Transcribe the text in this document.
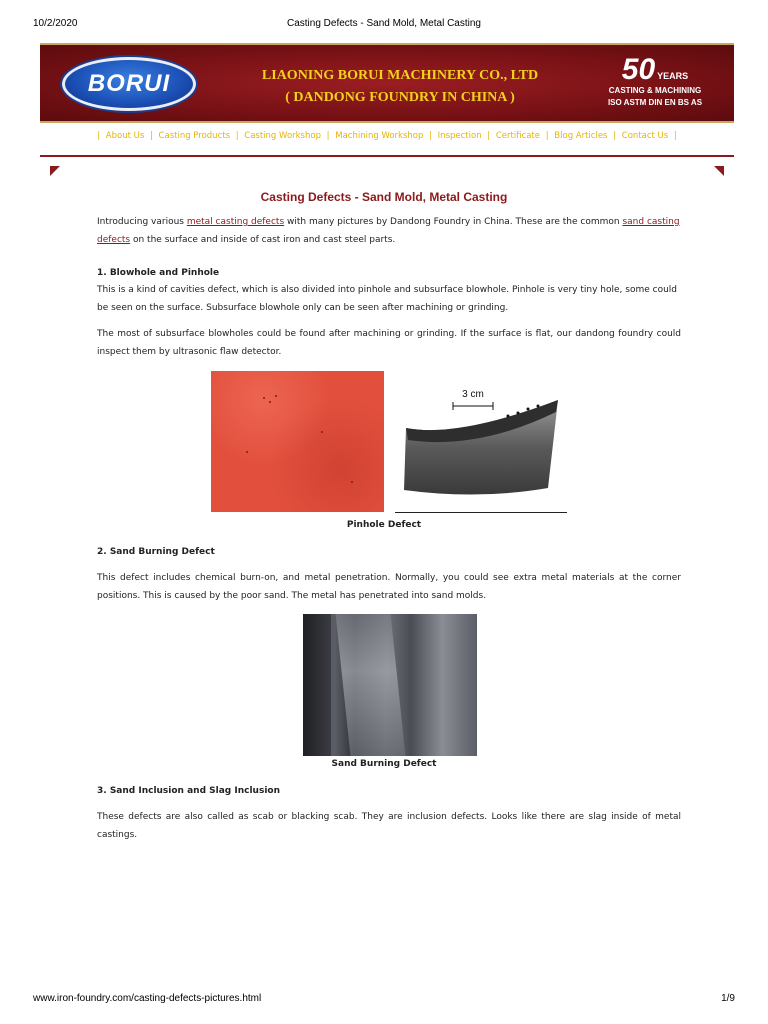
10/2/2020	Casting Defects - Sand Mold, Metal Casting
BORUI	LIAONING BORUI MACHINERY CO., LTD
( DANDONG FOUNDRY IN CHINA )
50 YEARS
CASTING & MACHINING
ISO ASTM DIN EN BS AS
| About Us | Casting Products | Casting Workshop | Machining Workshop | Inspection | Certificate | Blog Articles | Contact Us |
Casting Defects - Sand Mold, Metal Casting
Introducing various metal casting defects with many pictures by Dandong Foundry in China. These are the common sand casting defects on the surface and inside of cast iron and cast steel parts.
1. Blowhole and Pinhole
This is a kind of cavities defect, which is also divided into pinhole and subsurface blowhole. Pinhole is very tiny hole, some could be seen on the surface. Subsurface blowhole only can be seen after machining or grinding.
The most of subsurface blowholes could be found after machining or grinding. If the surface is flat, our dandong foundry could inspect them by ultrasonic flaw detector.
3 cm
Pinhole Defect
2. Sand Burning Defect
This defect includes chemical burn-on, and metal penetration. Normally, you could see extra metal materials at the corner positions. This is caused by the poor sand. The metal has penetrated into sand molds.
Sand Burning Defect
3. Sand Inclusion and Slag Inclusion
These defects are also called as scab or blacking scab. They are inclusion defects. Looks like there are slag inside of metal castings.
www.iron-foundry.com/casting-defects-pictures.html	1/9
